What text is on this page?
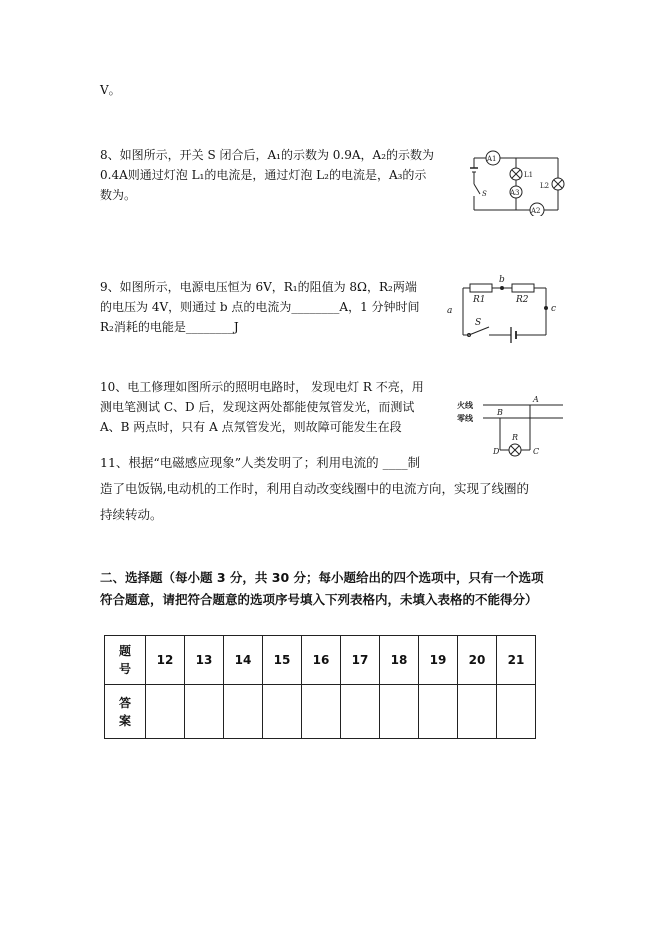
V。
8、如图所示，开关 S 闭合后，A₁的示数为 0.9A，A₂的示数为
0.4A则通过灯泡 L₁的电流是，通过灯泡 L₂的电流是，A₃的示
数为。
A1
A3
A2
L1
L2
S
9、如图所示，电源电压恒为 6V，R₁的阻值为 8Ω，R₂两端
的电压为 4V，则通过 b 点的电流为________A，1 分钟时间
R₂消耗的电能是________J
R1	R2
b
a	c
S
10、电工修理如图所示的照明电路时， 发现电灯 R 不亮，用
测电笔测试 C、D 后，发现这两处都能使氖管发光，而测试
A、B 两点时，只有 A 点氖管发光，则故障可能发生在段
火线
零线
A
B
R
D	C
11、根据“电磁感应现象”人类发明了；利用电流的 ____制
造了电饭锅,电动机的工作时，利用自动改变线圈中的电流方向，实现了线圈的
持续转动。
二、选择题（每小题 3 分，共 30 分；每小题给出的四个选项中，只有一个选项
符合题意，请把符合题意的选项序号填入下列表格内，未填入表格的不能得分）
题
号	12	13	14	15	16	17	18	19	20	21
答
案										
